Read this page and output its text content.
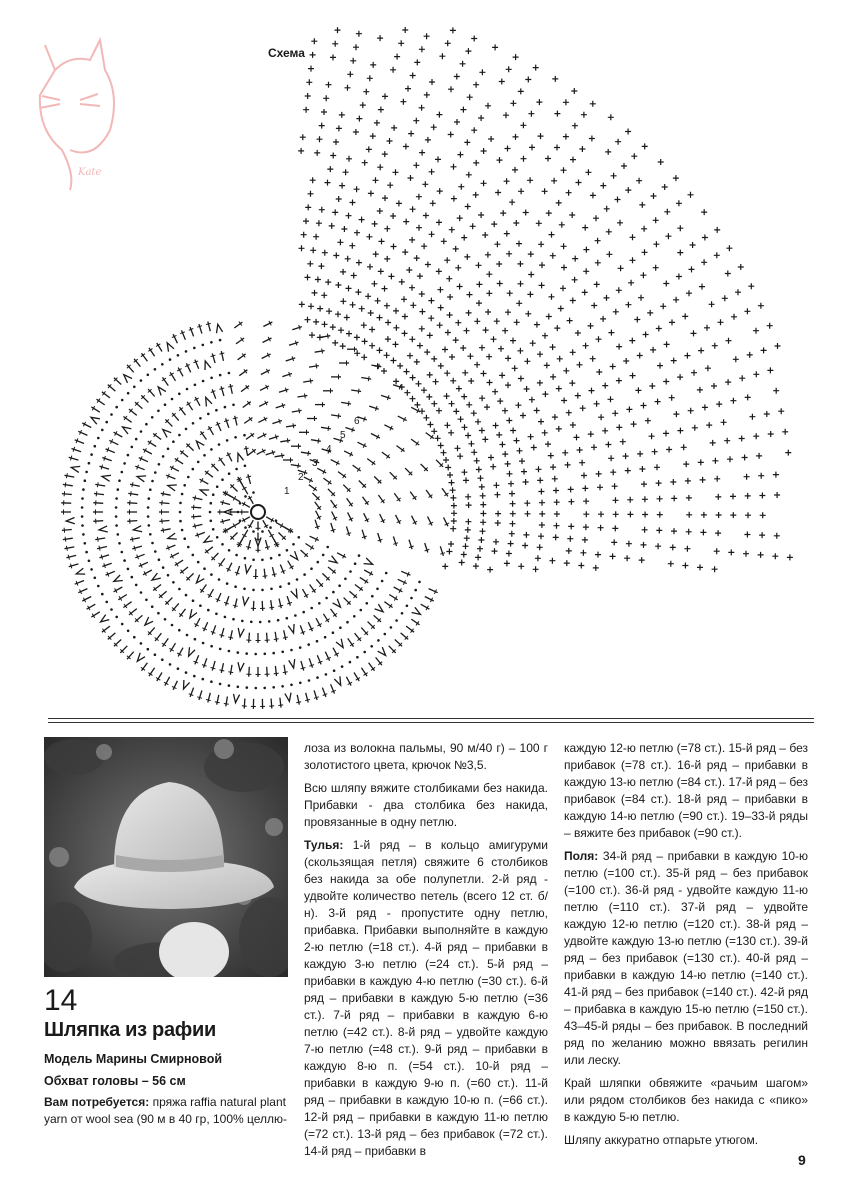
Kate
1
2
3
4
5
6
Схема
14
Шляпка из рафии
Модель Марины Смирновой
Обхват головы – 56 см
Вам потребуется: пряжа raffia natural plant yarn от wool sea (90 м в 40 гр, 100% целлю-

лоза из волокна пальмы, 90 м/40 г) – 100 г золотистого цвета, крючок №3,5.

Всю шляпу вяжите столбиками без накида. Прибавки - два столбика без накида, провязанные в одну петлю.

Тулья: 1-й ряд – в кольцо амигуруми (скользящая петля) свяжите 6 столбиков без накида за обе полупетли. 2-й ряд - удвойте количество петель (всего 12 ст. б/н). 3-й ряд - пропустите одну петлю, прибавка. Прибавки выполняйте в каждую 2-ю петлю (=18 ст.). 4-й ряд – прибавки в каждую 3-ю петлю (=24 ст.). 5-й ряд – прибавки в каждую 4-ю петлю (=30 ст.). 6-й ряд – прибавки в каждую 5-ю петлю (=36 ст.). 7-й ряд – прибавки в каждую 6-ю петлю (=42 ст.). 8-й ряд – удвойте каждую 7-ю петлю (=48 ст.). 9-й ряд – прибавки в каждую 8-ю п. (=54 ст.). 10-й ряд – прибавки в каждую 9-ю п. (=60 ст.). 11-й ряд – прибавки в каждую 10-ю п. (=66 ст.). 12-й ряд – прибавки в каждую 11-ю петлю (=72 ст.). 13-й ряд – без прибавок (=72 ст.). 14-й ряд – прибавки в

каждую 12-ю петлю (=78 ст.). 15-й ряд – без прибавок (=78 ст.). 16-й ряд – прибавки в каждую 13-ю петлю (=84 ст.). 17-й ряд – без прибавок (=84 ст.). 18-й ряд – прибавки в каждую 14-ю петлю (=90 ст.). 19–33-й ряды – вяжите без прибавок (=90 ст.).

Поля: 34-й ряд – прибавки в каждую 10-ю петлю (=100 ст.). 35-й ряд – без прибавок (=100 ст.). 36-й ряд - удвойте каждую 11-ю петлю (=110 ст.). 37-й ряд – удвойте каждую 12-ю петлю (=120 ст.). 38-й ряд – удвойте каждую 13-ю петлю (=130 ст.). 39-й ряд – без прибавок (=130 ст.). 40-й ряд – прибавки в каждую 14-ю петлю (=140 ст.). 41-й ряд – без прибавок (=140 ст.). 42-й ряд – прибавка в каждую 15-ю петлю (=150 ст.). 43–45-й ряды – без прибавок. В последний ряд по желанию можно ввязать регилин или леску.

Край шляпки обвяжите «рачьим шагом» или рядом столбиков без накида с «пико» в каждую 5-ю петлю.

Шляпу аккуратно отпарьте утюгом.

9
